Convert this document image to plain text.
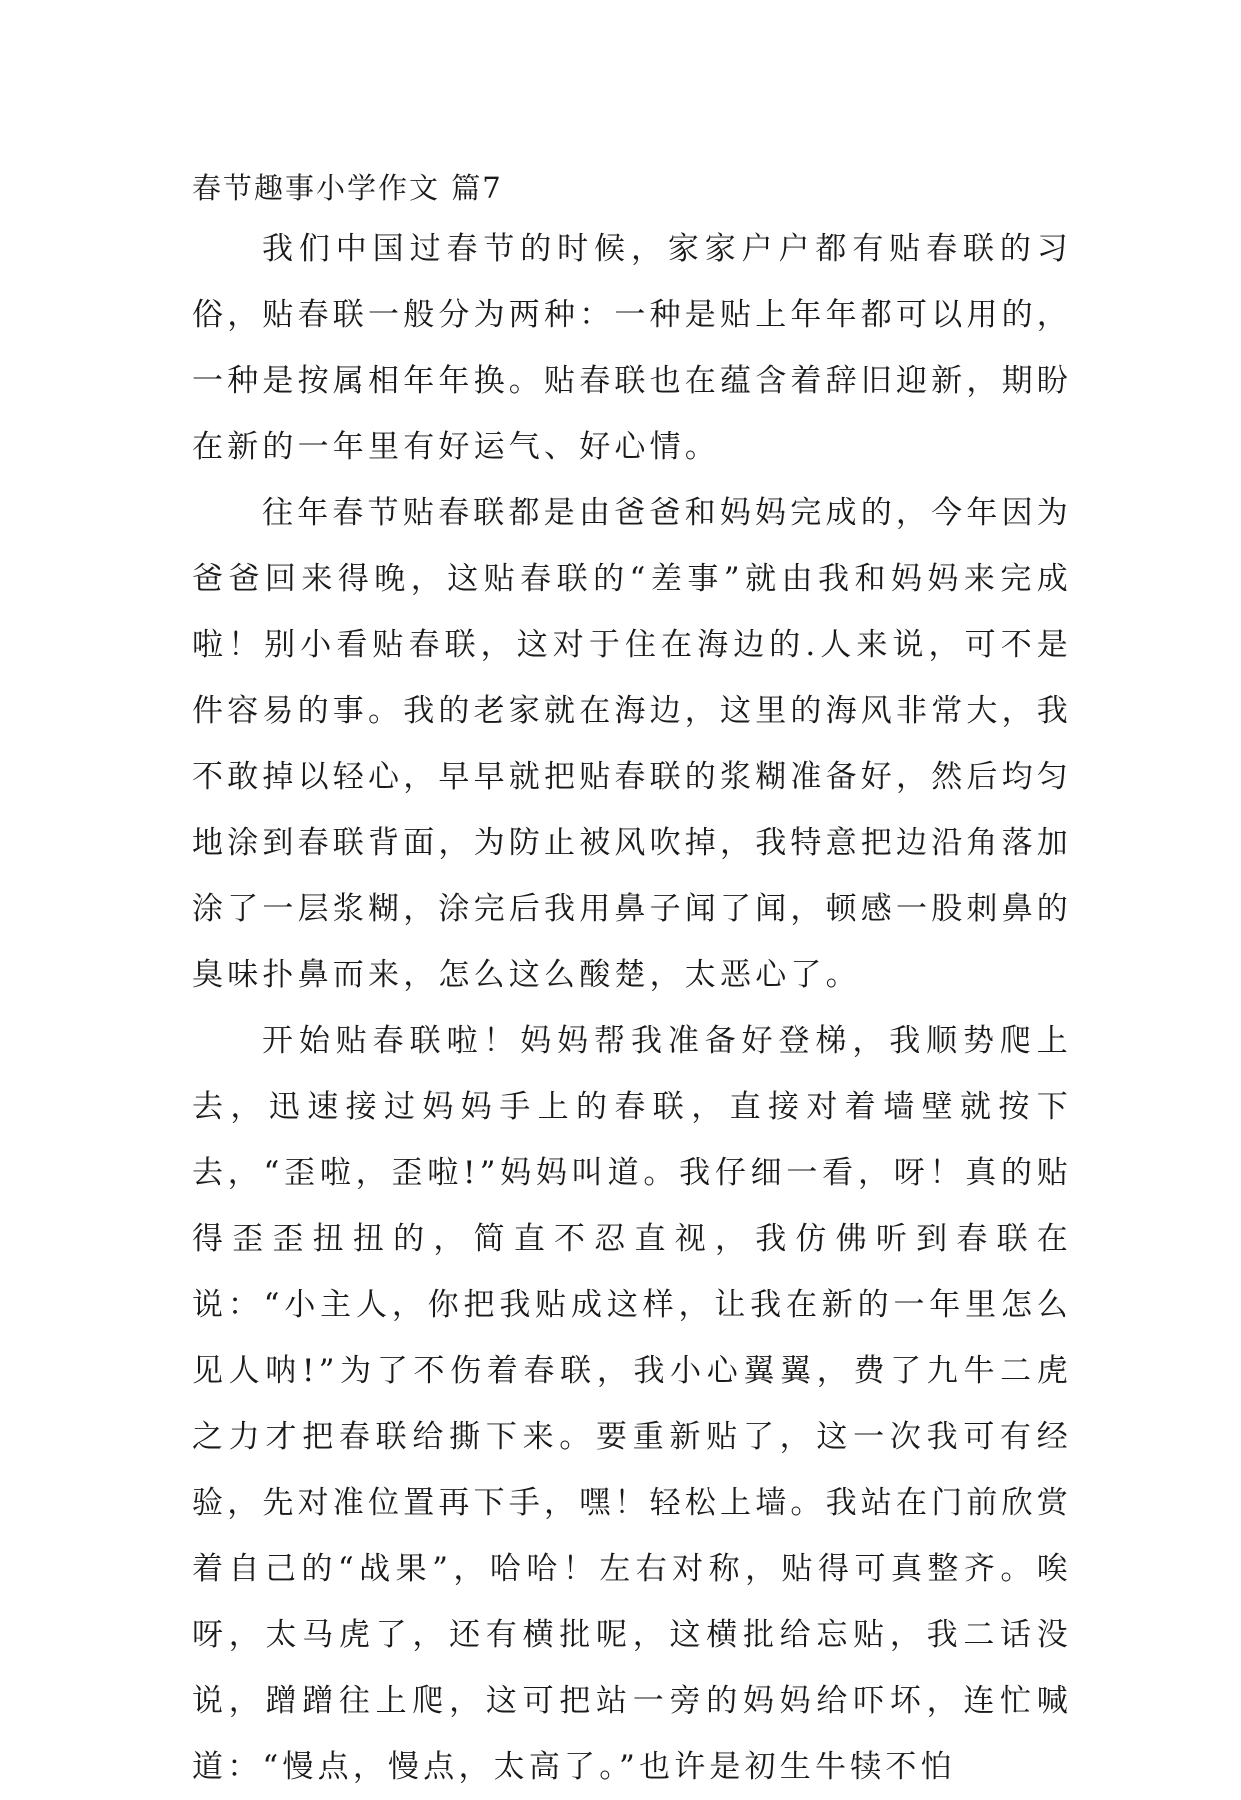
春节趣事小学作文 篇7

我们中国过春节的时候，家家户户都有贴春联的习俗，贴春联一般分为两种：一种是贴上年年都可以用的，一种是按属相年年换。贴春联也在蕴含着辞旧迎新，期盼在新的一年里有好运气、好心情。

往年春节贴春联都是由爸爸和妈妈完成的，今年因为爸爸回来得晚，这贴春联的“差事”就由我和妈妈来完成啦！别小看贴春联，这对于住在海边的.人来说，可不是件容易的事。我的老家就在海边，这里的海风非常大，我不敢掉以轻心，早早就把贴春联的浆糊准备好，然后均匀地涂到春联背面，为防止被风吹掉，我特意把边沿角落加涂了一层浆糊，涂完后我用鼻子闻了闻，顿感一股刺鼻的臭味扑鼻而来，怎么这么酸楚，太恶心了。

开始贴春联啦！妈妈帮我准备好登梯，我顺势爬上去，迅速接过妈妈手上的春联，直接对着墙壁就按下去，“歪啦，歪啦!”妈妈叫道。我仔细一看，呀！真的贴得歪歪扭扭的，简直不忍直视，我仿佛听到春联在说：“小主人，你把我贴成这样，让我在新的一年里怎么见人呐!”为了不伤着春联，我小心翼翼，费了九牛二虎之力才把春联给撕下来。要重新贴了，这一次我可有经验，先对准位置再下手，嘿！轻松上墙。我站在门前欣赏着自己的“战果”，哈哈！左右对称，贴得可真整齐。唉呀，太马虎了，还有横批呢，这横批给忘贴，我二话没说，蹭蹭往上爬，这可把站一旁的妈妈给吓坏，连忙喊道：“慢点，慢点，太高了。”也许是初生牛犊不怕
